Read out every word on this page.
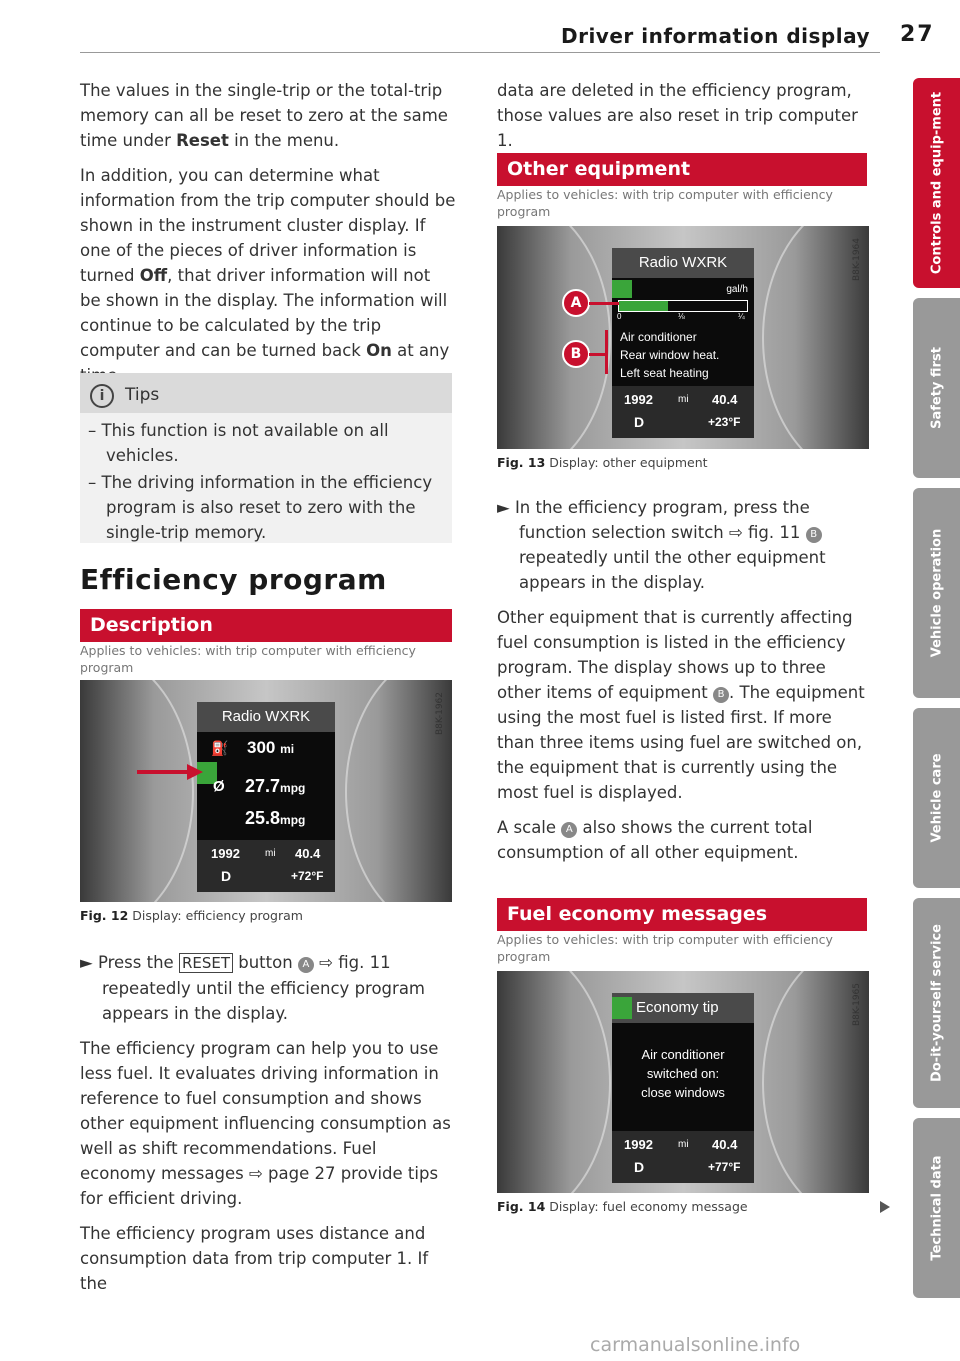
Driver information display 27

The values in the single-trip or the total-trip memory can all be reset to zero at the same time under Reset in the menu.

In addition, you can determine what information from the trip computer should be shown in the instrument cluster display. If one of the pieces of driver information is turned Off, that driver information will not be shown in the display. The information will continue to be calculated by the trip computer and can be turned back On at any

i	Tips
– This function is not available on all vehicles.
– The driving information in the efficiency program is also reset to zero with the single-trip memory.
Efficiency program
Description
Applies to vehicles: with trip computer with efficiency program
Radio WXRK
⛽ 300 mi
Ø 27.7mpg
25.8mpg
1992	mi 40.4
D	+72°F
B8K-1962
Fig. 12 Display: efficiency program

► Press the RESET button A ⇨ fig. 11 repeatedly until the efficiency program appears in the display.

The efficiency program can help you to use less fuel. It evaluates driving information in reference to fuel consumption and shows other equipment influencing consumption as well as shift recommendations. Fuel economy messages ⇨ page 27 provide tips for efficient driving.

The efficiency program uses distance and consumption data from trip computer 1. If the

data are deleted in the efficiency program, those values are also reset in trip computer 1.
Other equipment
Applies to vehicles: with trip computer with efficiency program
Radio WXRK
gal/h
0	⅛	¼
Air conditioner
Rear window heat.
Left seat heating
1992	mi 40.4
D	+23°F
A
B
B8K-1964
Fig. 13 Display: other equipment

► In the efficiency program, press the function selection switch ⇨ fig. 11 B repeatedly until the other equipment appears in the display.

Other equipment that is currently affecting fuel consumption is listed in the efficiency program. The display shows up to three other items of equipment B . The equipment using the most fuel is listed first. If more than three items using fuel are switched on, the equipment that is currently using the most fuel is displayed.

A scale A also shows the current total consumption of all other equipment.

Fuel economy messages
Applies to vehicles: with trip computer with efficiency program
Economy tip
Air conditioner
switched on:
close windows
1992	mi 40.4
D	+77°F
B8K-1965
Fig. 14 Display: fuel economy message
Controls and equip-ment
Safety first
Vehicle operation
Vehicle care
Do-it-yourself service
Technical data
carmanualsonline.info
